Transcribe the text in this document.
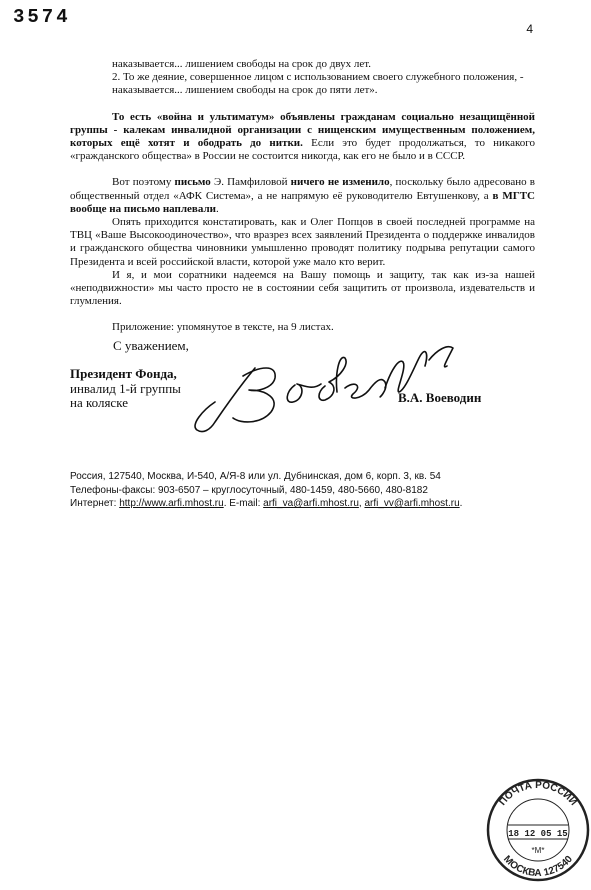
3574
4

наказывается... лишением свободы на срок до двух лет.

2. То же деяние, совершенное лицом с использованием своего служебного положения, -

наказывается... лишением свободы на срок до пяти лет».

То есть «война и ультиматум» объявлены гражданам социально незащищённой группы - калекам инвалидной организации с нищенским имущественным положением, которых ещё хотят и ободрать до нитки. Если это будет продолжаться, то никакого «гражданского общества» в России не состоится никогда, как его не было и в СССР.

Вот поэтому письмо Э. Памфиловой ничего не изменило, поскольку было адресовано в общественный отдел «АФК Система», а не напрямую её руководителю Евтушенкову, а в МГТС вообще на письмо наплевали.

Опять приходится констатировать, как и Олег Попцов в своей последней программе на ТВЦ «Ваше Высокоодиночество», что вразрез всех заявлений Президента о поддержке инвалидов и гражданского общества чиновники умышленно проводят политику подрыва репутации самого Президента и всей российской власти, которой уже мало кто верит.

И я, и мои соратники надеемся на Вашу помощь и защиту, так как из-за нашей «неподвижности» мы часто просто не в состоянии себя защитить от произвола, издевательств и глумления.

Приложение: упомянутое в тексте, на 9 листах.

С уважением,
Президент Фонда,
инвалид 1-й группы
на коляске	В.А. Воеводин

Россия, 127540, Москва, И-540, А/Я-8 или ул. Дубнинская, дом 6, корп. 3, кв. 54

Телефоны-факсы: 903-6507 – круглосуточный, 480-1459, 480-5660, 480-8182

Интернет: http://www.arfi.mhost.ru. E-mail: arfi_va@arfi.mhost.ru, arfi_vv@arfi.mhost.ru.

ПОЧТА РОССИИ
18 12 05 15
*М*
МОСКВА 127540
